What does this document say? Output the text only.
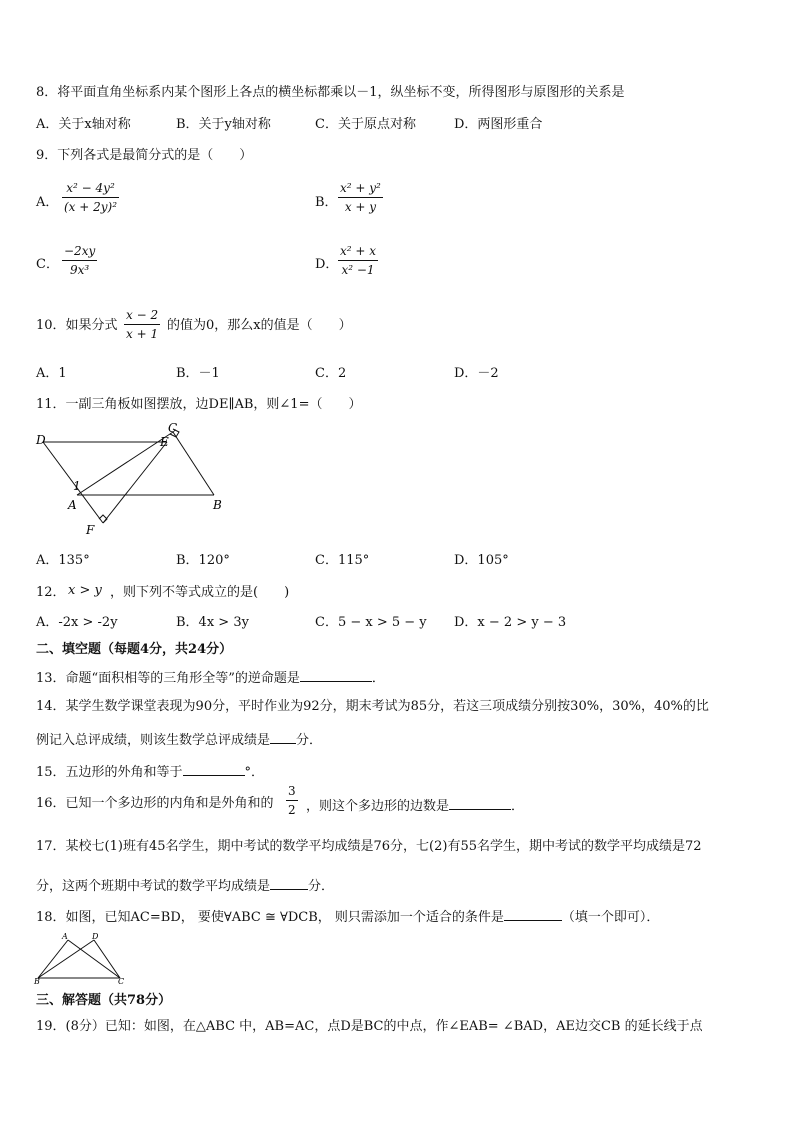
8．将平面直角坐标系内某个图形上各点的横坐标都乘以－1，纵坐标不变，所得图形与原图形的关系是
A．关于x轴对称	B．关于y轴对称	C．关于原点对称	D．两图形重合
9．下列各式是最简分式的是（　　）
A．
x² − 4y²
(x + 2y)²	B．
x² + y²
x + y
C．
−2xy
9x³	D．
x² + x
x² −1
10．如果分式
x − 2
x + 1
的值为0，那么x的值是（　　）
A．1	B．－1	C．2	D．－2
11．一副三角板如图摆放，边DE∥AB，则∠1=（　　）
C
D	E
1
A	B
F
A．135°	B．120°	C．115°	D．105°
12． x > y ，则下列不等式成立的是(　　)
A．-2x > -2y	B．4x > 3y	C．5 − x > 5 − y D．x − 2 > y − 3
二、填空题（每题4分，共24分）
13．命题“面积相等的三角形全等”的逆命题是	．
14．某学生数学课堂表现为90分，平时作业为92分，期末考试为85分，若这三项成绩分别按30%，30%，40%的比
例记入总评成绩，则该生数学总评成绩是 分．
15．五边形的外角和等于	°．
16．已知一个多边形的内角和是外角和的
3
2 ，则这个多边形的边数是	．
17．某校七(1)班有45名学生，期中考试的数学平均成绩是76分，七(2)有55名学生，期中考试的数学平均成绩是72
分，这两个班期中考试的数学平均成绩是	分．
18．如图，已知AC=BD， 要使∀ABC ≅ ∀DCB， 则只需添加一个适合的条件是	（填一个即可）．
A	D
B	C
三、解答题（共78分）
19．(8分）已知：如图，在△ABC 中，AB=AC，点D是BC的中点，作∠EAB= ∠BAD，AE边交CB 的延长线于点
